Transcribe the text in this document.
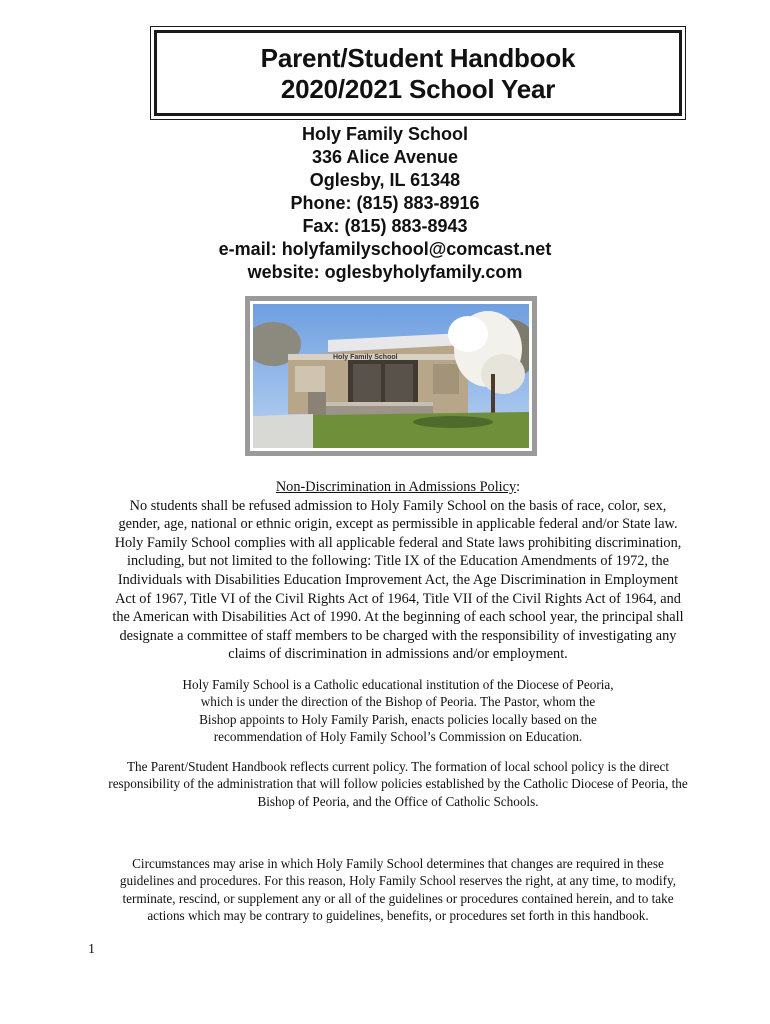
Parent/Student Handbook
2020/2021 School Year
Holy Family School
336 Alice Avenue
Oglesby, IL 61348
Phone: (815) 883-8916
Fax: (815) 883-8943
e-mail: holyfamilyschool@comcast.net
website: oglesbyholyfamily.com
Holy Family School
Non-Discrimination in Admissions Policy:
No students shall be refused admission to Holy Family School on the basis of race, color, sex,
gender, age, national or ethnic origin, except as permissible in applicable federal and/or State law.
Holy Family School complies with all applicable federal and State laws prohibiting discrimination,
including, but not limited to the following: Title IX of the Education Amendments of 1972, the
Individuals with Disabilities Education Improvement Act, the Age Discrimination in Employment
Act of 1967, Title VI of the Civil Rights Act of 1964, Title VII of the Civil Rights Act of 1964, and
the American with Disabilities Act of 1990. At the beginning of each school year, the principal shall
designate a committee of staff members to be charged with the responsibility of investigating any
claims of discrimination in admissions and/or employment.
Holy Family School is a Catholic educational institution of the Diocese of Peoria,
which is under the direction of the Bishop of Peoria. The Pastor, whom the
Bishop appoints to Holy Family Parish, enacts policies locally based on the
recommendation of Holy Family School’s Commission on Education.
The Parent/Student Handbook reflects current policy. The formation of local school policy is the direct
responsibility of the administration that will follow policies established by the Catholic Diocese of Peoria, the
Bishop of Peoria, and the Office of Catholic Schools.
Circumstances may arise in which Holy Family School determines that changes are required in these
guidelines and procedures. For this reason, Holy Family School reserves the right, at any time, to modify,
terminate, rescind, or supplement any or all of the guidelines or procedures contained herein, and to take
actions which may be contrary to guidelines, benefits, or procedures set forth in this handbook.
1
